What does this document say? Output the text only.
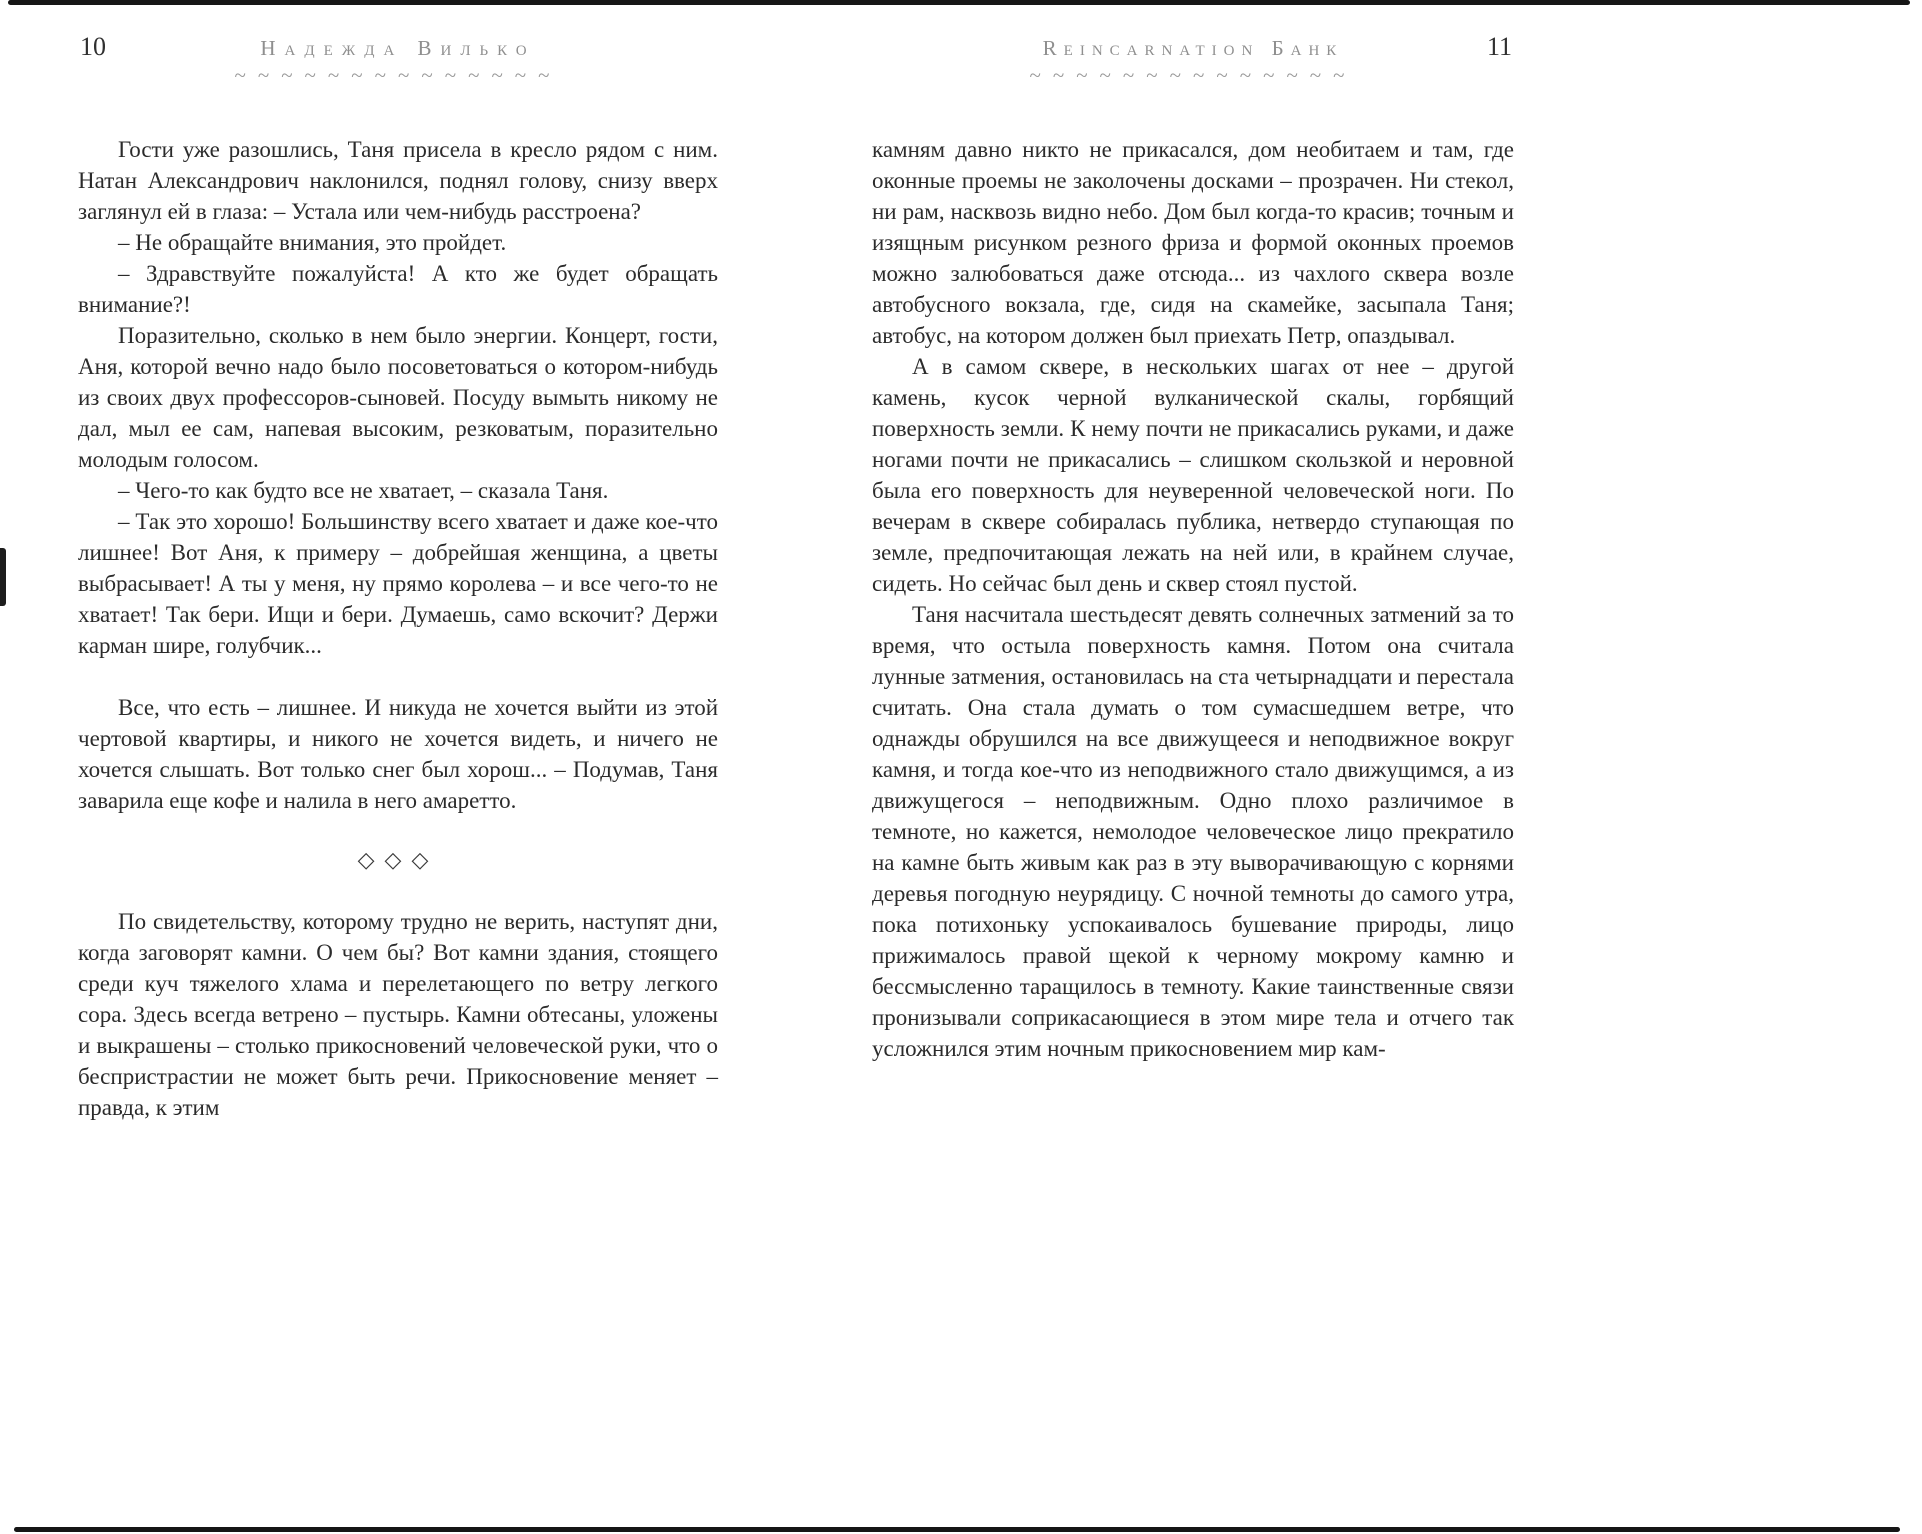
10	Надежда Вилько
~~~~~~~~~~~~~~

Гости уже разошлись, Таня присела в кресло рядом с ним. Натан Александрович наклонился, поднял голову, снизу вверх заглянул ей в глаза: – Устала или чем-нибудь расстроена?

– Не обращайте внимания, это пройдет.

– Здравствуйте пожалуйста! А кто же будет обращать внимание?!

Поразительно, сколько в нем было энергии. Концерт, гости, Аня, которой вечно надо было посоветоваться о котором-нибудь из своих двух профессоров-сыновей. Посуду вымыть никому не дал, мыл ее сам, напевая высоким, резковатым, поразительно молодым голосом.

– Чего-то как будто все не хватает, – сказала Таня.

– Так это хорошо! Большинству всего хватает и даже кое-что лишнее! Вот Аня, к примеру – добрейшая женщина, а цветы выбрасывает! А ты у меня, ну прямо королева – и все чего-то не хватает! Так бери. Ищи и бери. Думаешь, само вскочит? Держи карман шире, голубчик...

Все, что есть – лишнее. И никуда не хочется выйти из этой чертовой квартиры, и никого не хочется видеть, и ничего не хочется слышать. Вот только снег был хорош... – Подумав, Таня заварила еще кофе и налила в него амаретто.

◇◇◇

По свидетельству, которому трудно не верить, наступят дни, когда заговорят камни. О чем бы? Вот камни здания, стоящего среди куч тяжелого хлама и перелетающего по ветру легкого сора. Здесь всегда ветрено – пустырь. Камни обтесаны, уложены и выкрашены – столько прикосновений человеческой руки, что о беспристрастии не может быть речи. Прикосновение меняет – правда, к этим

11
Reincarnation Банк
~~~~~~~~~~~~~~

камням давно никто не прикасался, дом необитаем и там, где оконные проемы не заколочены досками – прозрачен. Ни стекол, ни рам, насквозь видно небо. Дом был когда-то красив; точным и изящным рисунком резного фриза и формой оконных проемов можно залюбоваться даже отсюда... из чахлого сквера возле автобусного вокзала, где, сидя на скамейке, засыпала Таня; автобус, на котором должен был приехать Петр, опаздывал.

А в самом сквере, в нескольких шагах от нее – другой камень, кусок черной вулканической скалы, горбящий поверхность земли. К нему почти не прикасались руками, и даже ногами почти не прикасались – слишком скользкой и неровной была его поверхность для неуверенной человеческой ноги. По вечерам в сквере собиралась публика, нетвердо ступающая по земле, предпочитающая лежать на ней или, в крайнем случае, сидеть. Но сейчас был день и сквер стоял пустой.

Таня насчитала шестьдесят девять солнечных затмений за то время, что остыла поверхность камня. Потом она считала лунные затмения, остановилась на ста четырнадцати и перестала считать. Она стала думать о том сумасшедшем ветре, что однажды обрушился на все движущееся и неподвижное вокруг камня, и тогда кое-что из неподвижного стало движущимся, а из движущегося – неподвижным. Одно плохо различимое в темноте, но кажется, немолодое человеческое лицо прекратило на камне быть живым как раз в эту выворачивающую с корнями деревья погодную неурядицу. С ночной темноты до самого утра, пока потихоньку успокаивалось бушевание природы, лицо прижималось правой щекой к черному мокрому камню и бессмысленно таращилось в темноту. Какие таинственные связи пронизывали соприкасающиеся в этом мире тела и отчего так усложнился этим ночным прикосновением мир кам-
